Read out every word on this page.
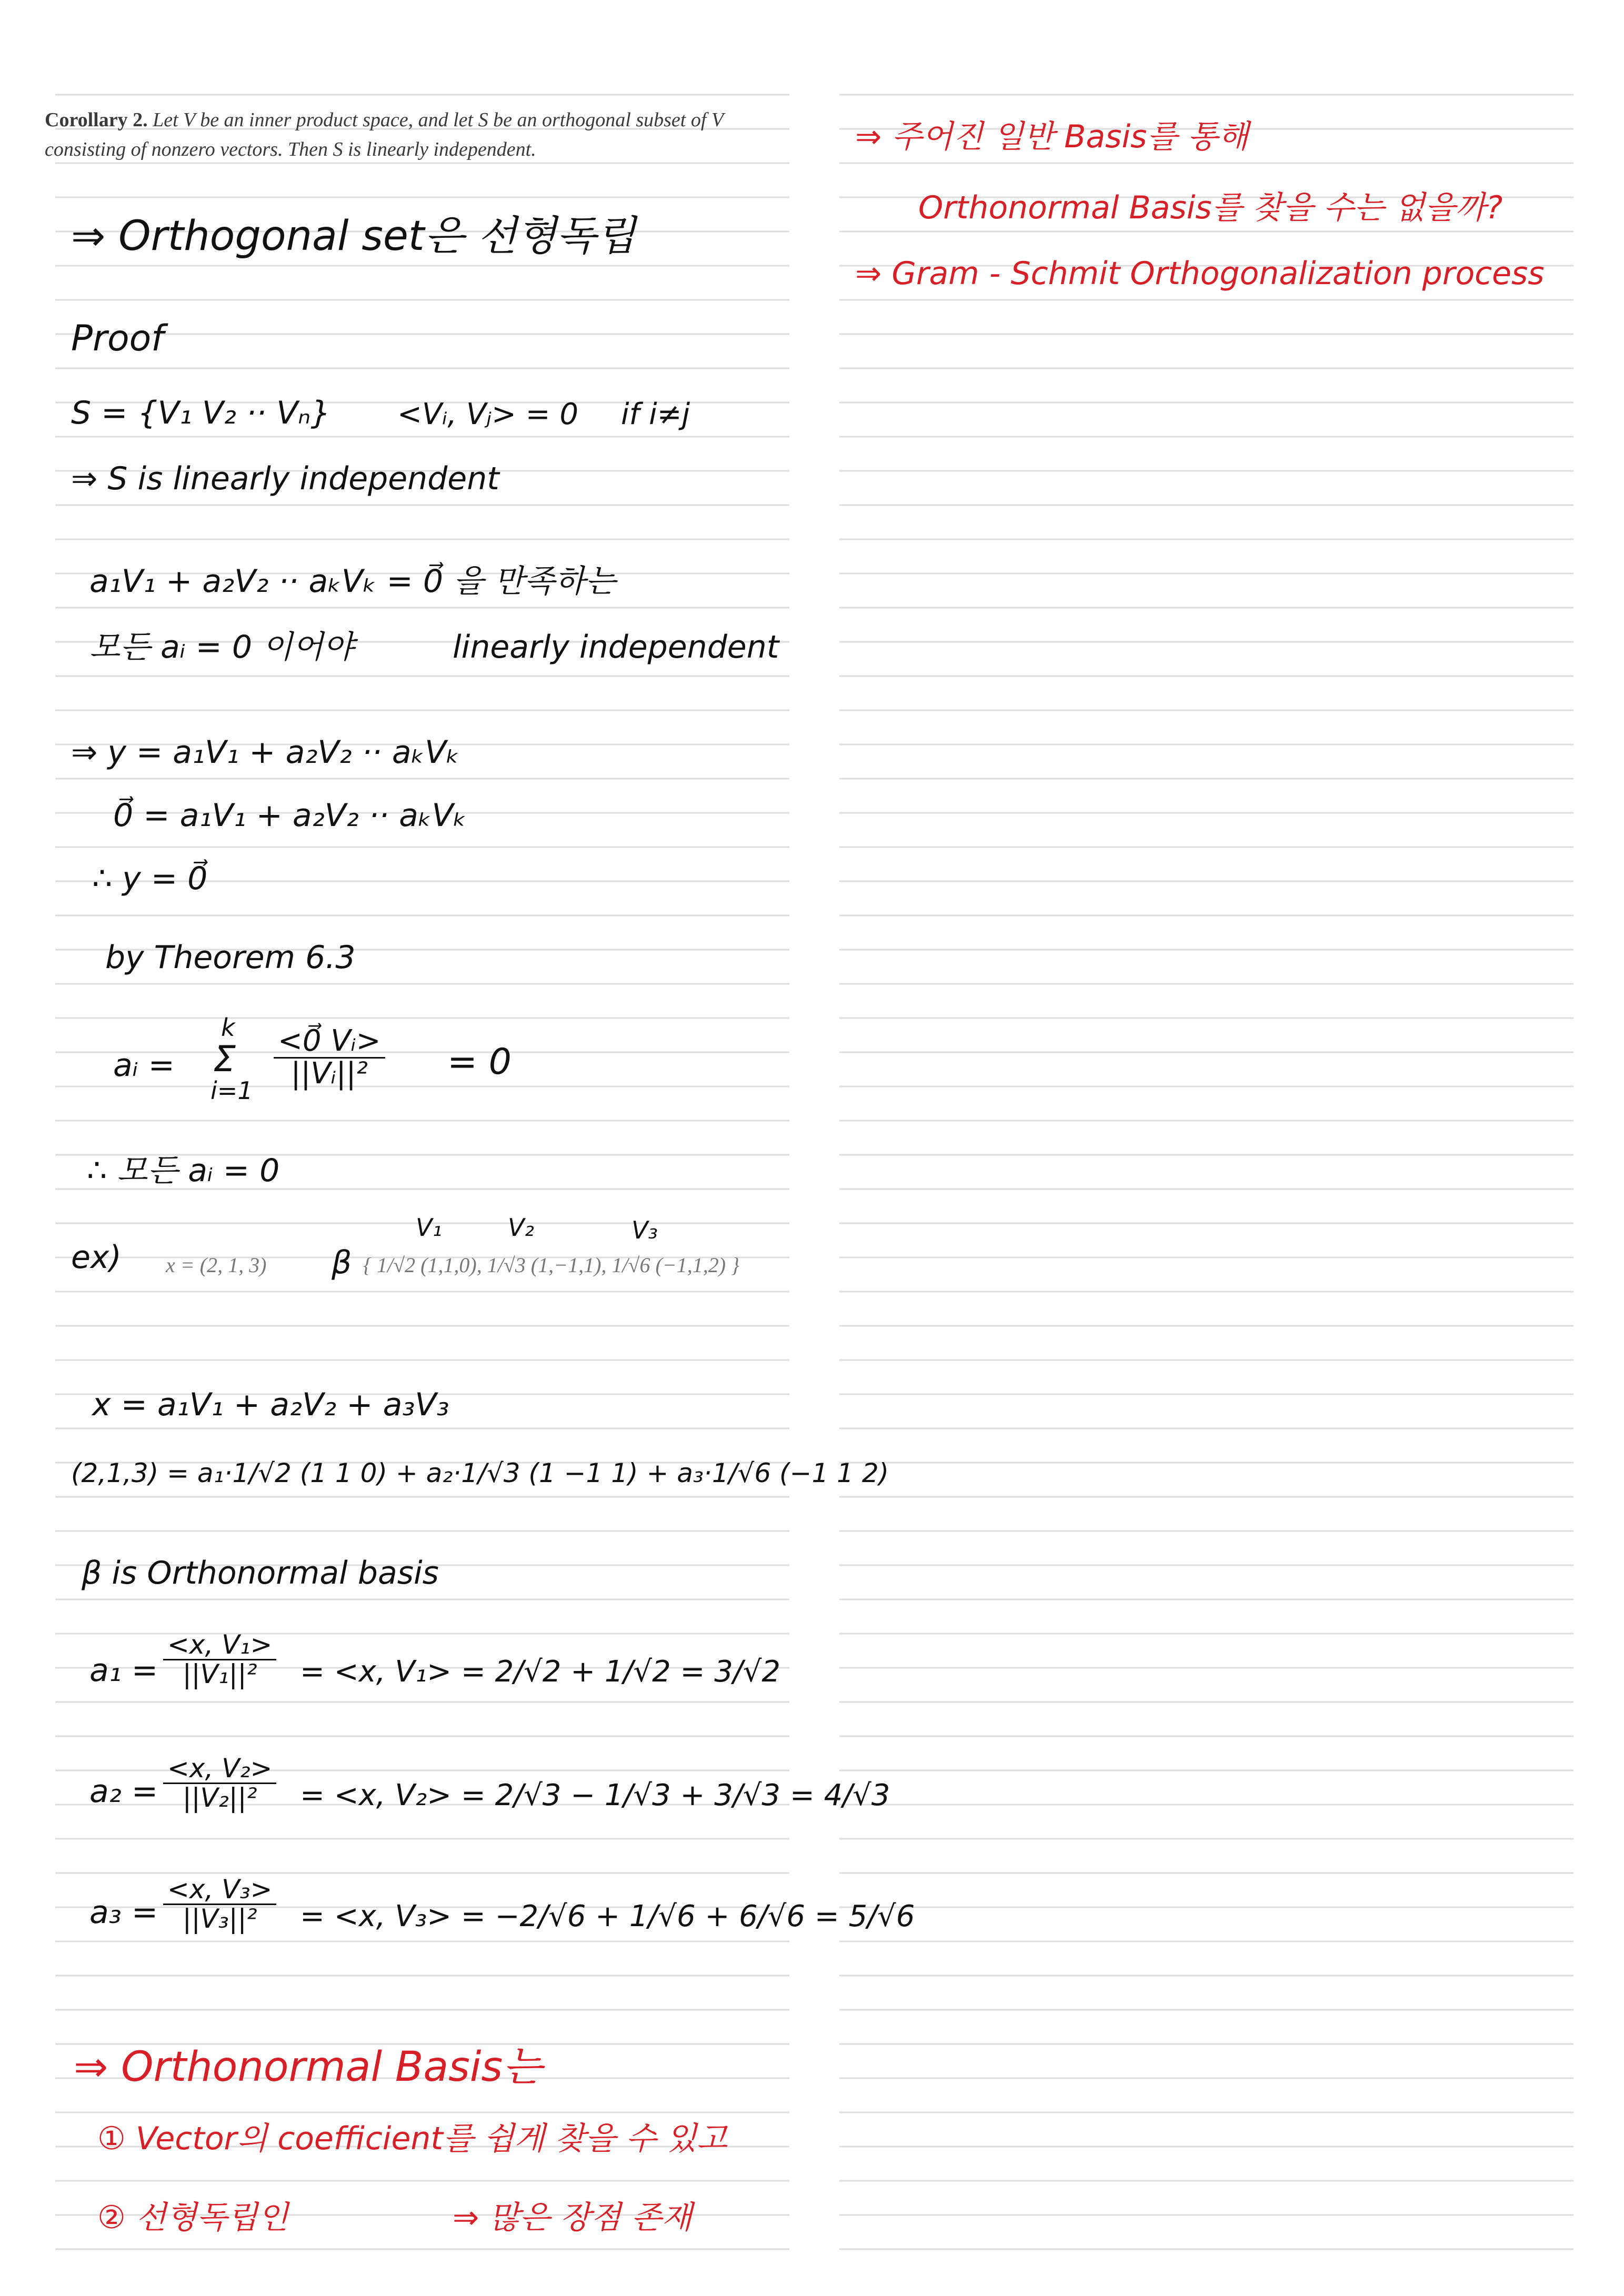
Corollary 2. Let V be an inner product space, and let S be an orthogonal subset of V consisting of nonzero vectors. Then S is linearly independent.
⇒ Orthogonal set은 선형독립
Proof
S = {V₁ V₂ ·· Vₙ} <Vᵢ, Vⱼ> = 0 if i≠j
⇒ S is linearly independent
a₁V₁ + a₂V₂ ·· aₖVₖ = 0⃗ 을 만족하는
모든 aᵢ = 0 이어야	linearly independent
⇒ y = a₁V₁ + a₂V₂ ·· aₖVₖ
0⃗ = a₁V₁ + a₂V₂ ·· aₖVₖ
∴ y = 0⃗
by Theorem 6.3
aᵢ =
k
Σ
i=1
$\frac{\text{<0⃗ Vᵢ>}}{\text{||Vᵢ||²}} = 0$
∴ 모든 aᵢ = 0
V₁	V₂	V₃
ex) x = (2, 1, 3) β { 1/√2 (1,1,0), 1/√3 (1,−1,1), 1/√6 (−1,1,2) }
x = a₁V₁ + a₂V₂ + a₃V₃
(2,1,3) = a₁·1/√2 (1 1 0) + a₂·1/√3 (1 −1 1) + a₃·1/√6 (−1 1 2)
β is Orthonormal basis
$a_1 = \frac{\text{<x, V₁>}}{\text{||V₁||²}} = <x$, V₁> = 2/√2 + 1/√2 = 3/√2
$a_2 = \frac{\text{<x, V₂>}}{\text{||V₂||²}} = <x$, V₂> = 2/√3 − 1/√3 + 3/√3 = 4/√3
$a_3 = \frac{\text{<x, V₃>}}{\text{||V₃||²}} = <x$, V₃> = −2/√6 + 1/√6 + 6/√6 = 5/√6
⇒ Orthonormal Basis는
① Vector의 coefficient를 쉽게 찾을 수 있고
② 선형독립인	⇒ 많은 장점 존재
⇒ 주어진 일반 Basis를 통해
Orthonormal Basis를 찾을 수는 없을까?
⇒ Gram - Schmit Orthogonalization process
